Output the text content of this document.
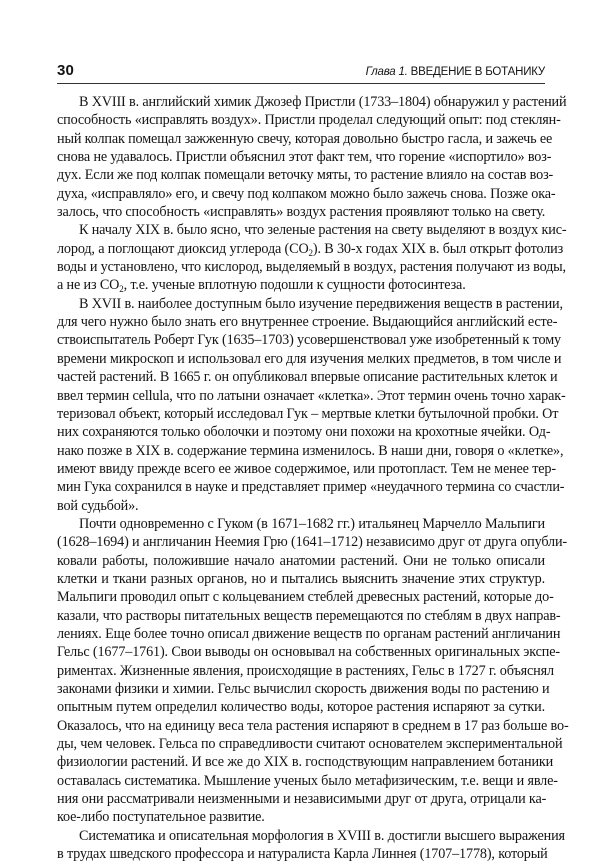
30	Глава 1. ВВЕДЕНИЕ В БОТАНИКУ

В XVIII в. английский химик Джозеф Пристли (1733–1804) обнаружил у растений
способность «исправлять воздух». Пристли проделал следующий опыт: под стеклян-
ный колпак помещал зажженную свечу, которая довольно быстро гасла, и зажечь ее
снова не удавалось. Пристли объяснил этот факт тем, что горение «испортило» воз-
дух. Если же под колпак помещали веточку мяты, то растение влияло на состав воз-
духа, «исправляло» его, и свечу под колпаком можно было зажечь снова. Позже ока-
залось, что способность «исправлять» воздух растения проявляют только на свету.

К началу XIX в. было ясно, что зеленые растения на свету выделяют в воздух кис-
лород, а поглощают диоксид углерода $(CO_2)$. В 30-х годах XIX в. был открыт фотолиз
воды и установлено, что кислород, выделяемый в воздух, растения получают из воды,
а не из $CO_2$, т.е. ученые вплотную подошли к сущности фотосинтеза.

В XVII в. наиболее доступным было изучение передвижения веществ в растении,
для чего нужно было знать его внутреннее строение. Выдающийся английский есте-
ствоиспытатель Роберт Гук (1635–1703) усовершенствовал уже изобретенный к тому
времени микроскоп и использовал его для изучения мелких предметов, в том числе и
частей растений. В 1665 г. он опубликовал впервые описание растительных клеток и
ввел термин cellula, что по латыни означает «клетка». Этот термин очень точно харак-
теризовал объект, который исследовал Гук – мертвые клетки бутылочной пробки. От
них сохраняются только оболочки и поэтому они похожи на крохотные ячейки. Од-
нако позже в XIX в. содержание термина изменилось. В наши дни, говоря о «клетке»,
имеют ввиду прежде всего ее живое содержимое, или протопласт. Тем не менее тер-
мин Гука сохранился в науке и представляет пример «неудачного термина со счастли-
вой судьбой».

Почти одновременно с Гуком (в 1671–1682 гг.) итальянец Марчелло Мальпиги
(1628–1694) и англичанин Неемия Грю (1641–1712) независимо друг от друга опубли-
ковали работы, положившие начало анатомии растений. Они не только описали
клетки и ткани разных органов, но и пытались выяснить значение этих структур.
Мальпиги проводил опыт с кольцеванием стеблей древесных растений, которые до-
казали, что растворы питательных веществ перемещаются по стеблям в двух направ-
лениях. Еще более точно описал движение веществ по органам растений англичанин
Гельс (1677–1761). Свои выводы он основывал на собственных оригинальных экспе-
риментах. Жизненные явления, происходящие в растениях, Гельс в 1727 г. объяснял
законами физики и химии. Гельс вычислил скорость движения воды по растению и
опытным путем определил количество воды, которое растения испаряют за сутки.
Оказалось, что на единицу веса тела растения испаряют в среднем в 17 раз больше во-
ды, чем человек. Гельса по справедливости считают основателем экспериментальной
физиологии растений. И все же до XIX в. господствующим направлением ботаники
оставалась систематика. Мышление ученых было метафизическим, т.е. вещи и явле-
ния они рассматривали неизменными и независимыми друг от друга, отрицали ка-
кое-либо поступательное развитие.

Систематика и описательная морфология в XVIII в. достигли высшего выражения
в трудах шведского профессора и натуралиста Карла Линнея (1707–1778), который
